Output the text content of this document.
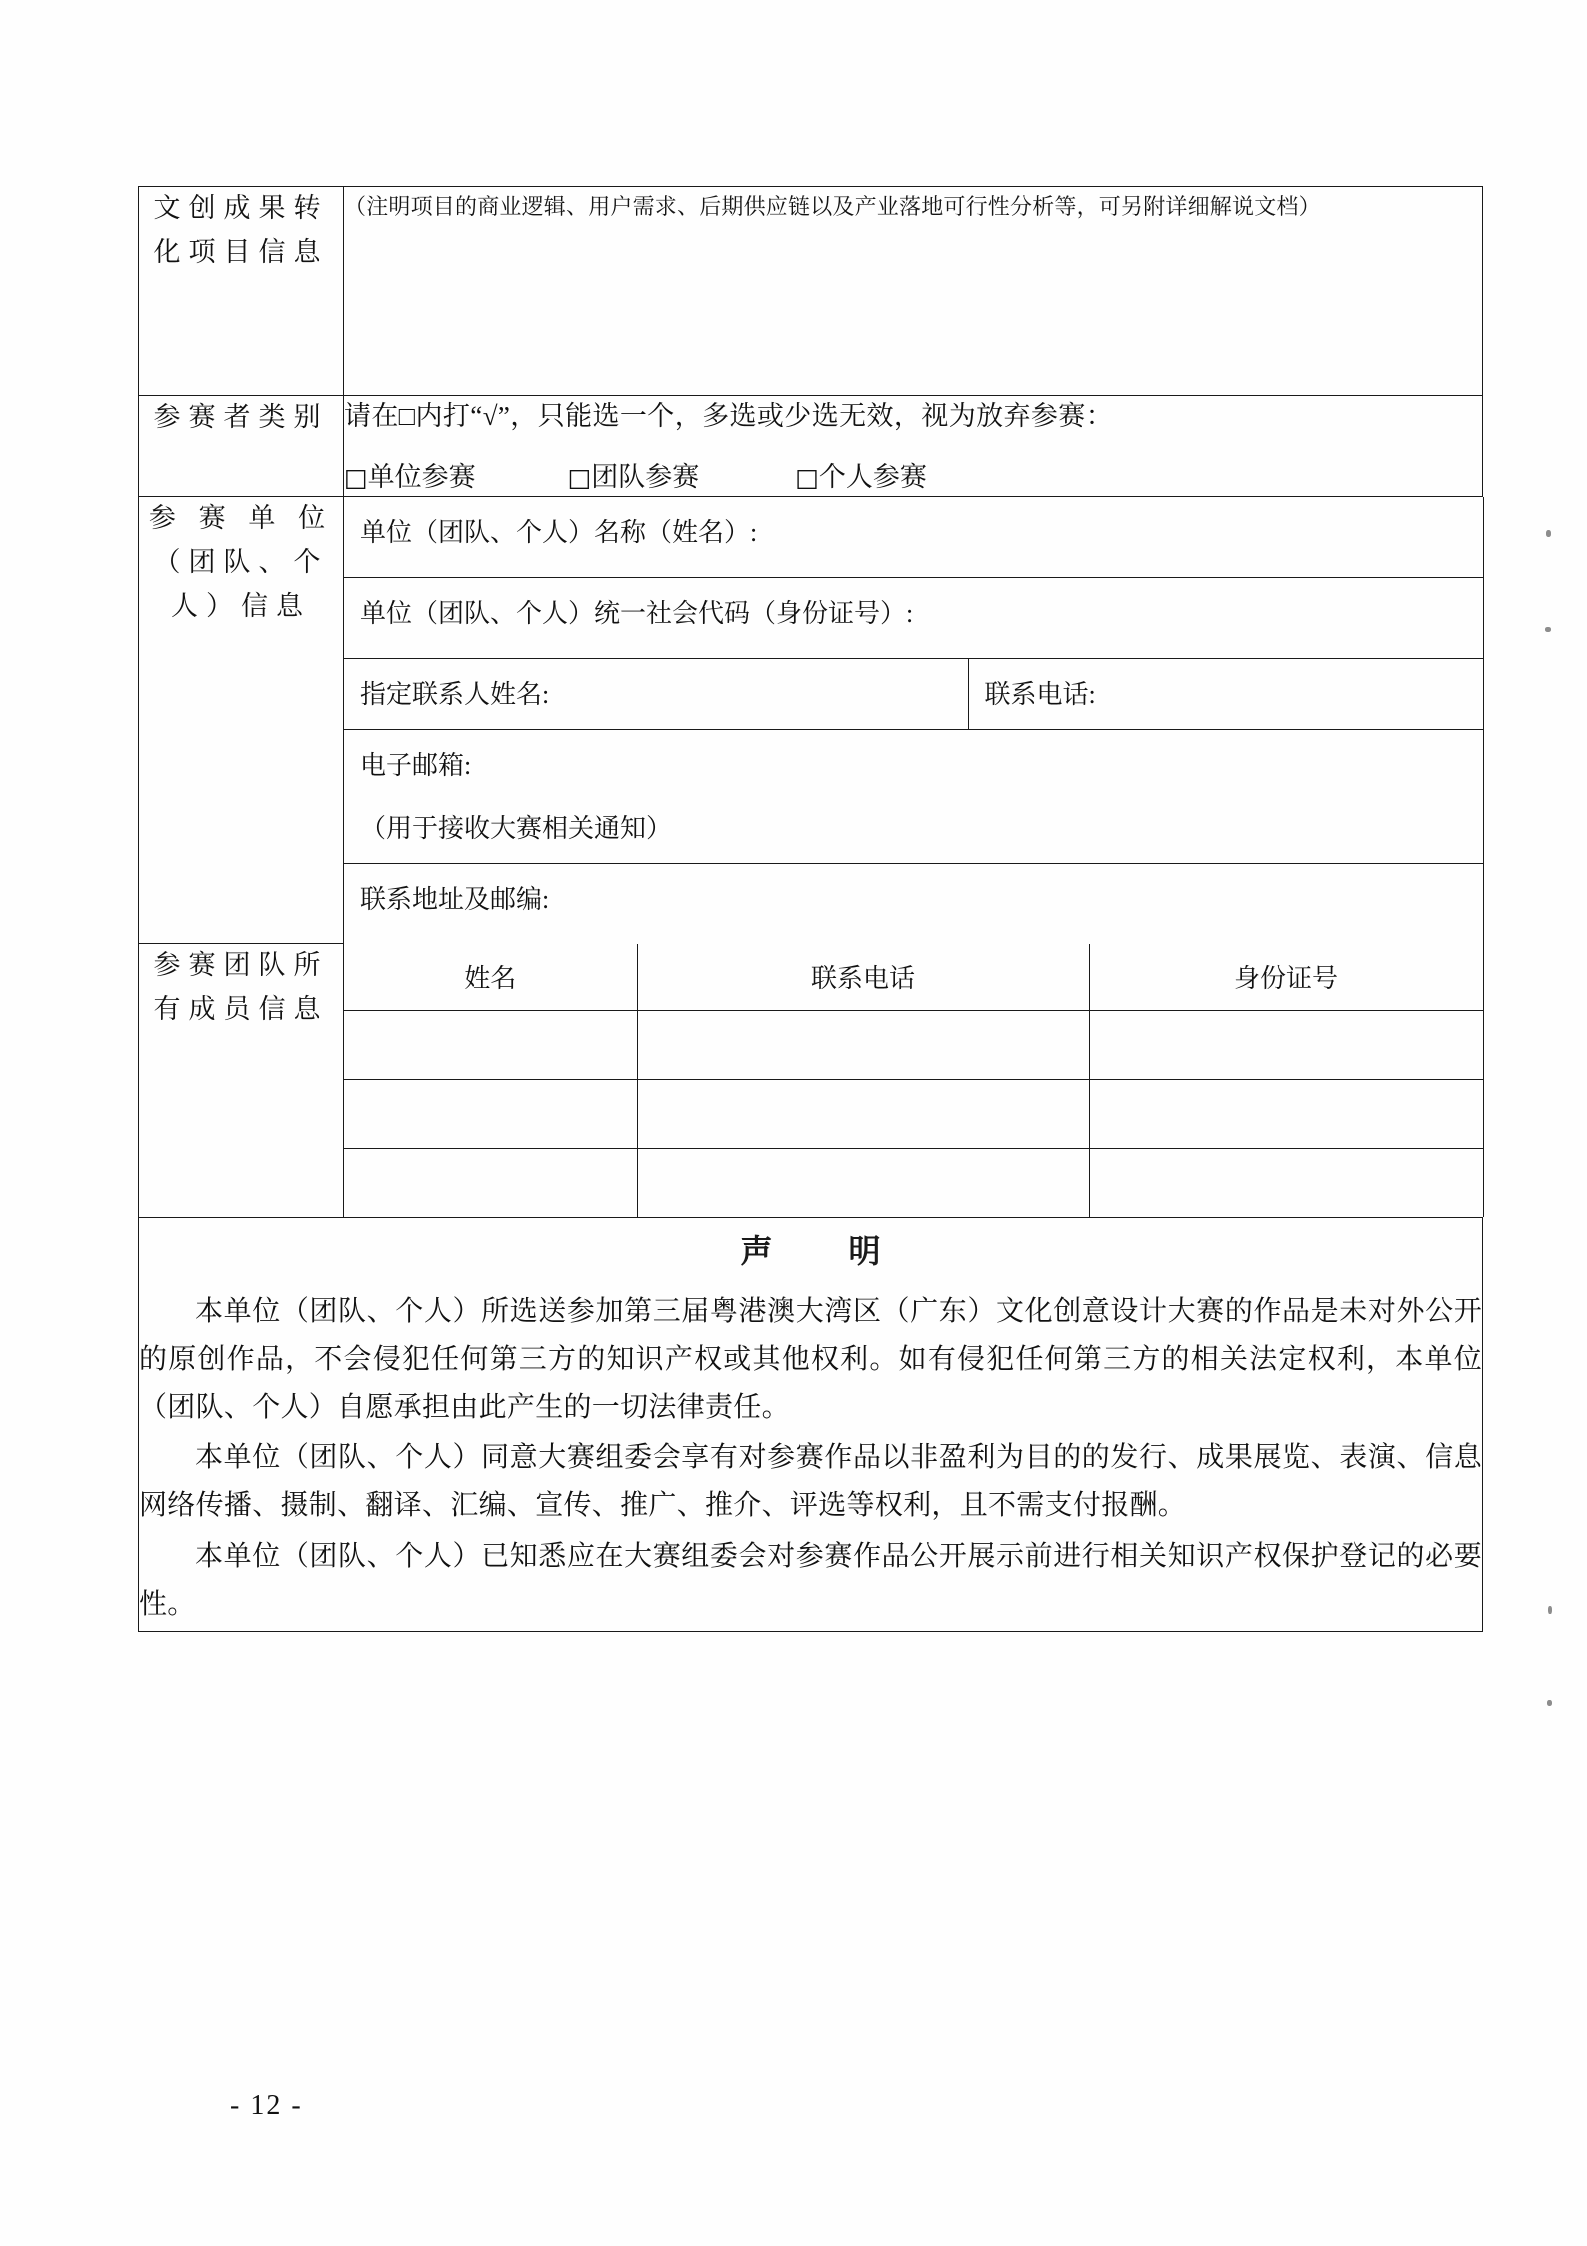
文创成果转
化项目信息

（注明项目的商业逻辑、用户需求、后期供应链以及产业落地可行性分析等，可另附详细解说文档）

参赛者类别	请在□内打“√”，只能选一个，多选或少选无效，视为放弃参赛：
□单位参赛	□团队参赛	□个人参赛

参 赛 单 位
（团队、个
人）信息

单位（团队、个人）名称（姓名）:
单位（团队、个人）统一社会代码（身份证号）:
指定联系人姓名:	联系电话:
电子邮箱:
（用于接收大赛相关通知）

联系地址及邮编:

参赛团队所
有成员信息

姓名	联系电话	身份证号

声　明

本单位（团队、个人）所选送参加第三届粤港澳大湾区（广东）文化创意设计大赛的作品是未对外公开的原创作品，不会侵犯任何第三方的知识产权或其他权利。如有侵犯任何第三方的相关法定权利，本单位（团队、个人）自愿承担由此产生的一切法律责任。

本单位（团队、个人）同意大赛组委会享有对参赛作品以非盈利为目的的发行、成果展览、表演、信息网络传播、摄制、翻译、汇编、宣传、推广、推介、评选等权利，且不需支付报酬。

本单位（团队、个人）已知悉应在大赛组委会对参赛作品公开展示前进行相关知识产权保护登记的必要性。

- 12 -
